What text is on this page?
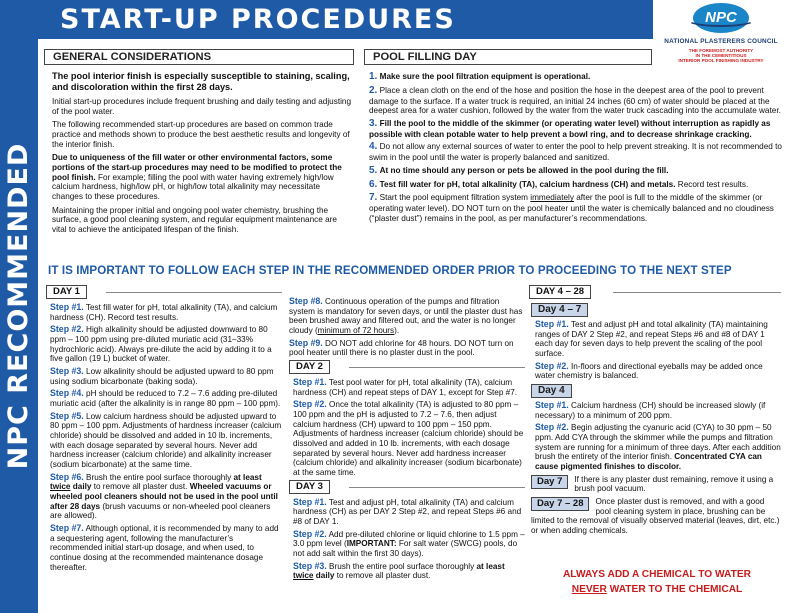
NPC RECOMMENDED
START-UP PROCEDURES	NPC
NATIONAL PLASTERERS COUNCIL
THE FOREMOST AUTHORITY
IN THE CEMENTITIOUS
INTERIOR POOL FINISHING INDUSTRY
GENERAL CONSIDERATIONS

The pool interior finish is especially susceptible to staining, scaling, and discoloration within the first 28 days.

Initial start-up procedures include frequent brushing and daily testing and adjusting of the pool water.

The following recommended start-up procedures are based on common trade practice and methods shown to produce the best aesthetic results and longevity of the interior finish.

Due to uniqueness of the fill water or other environmental factors, some portions of the start-up procedures may need to be modified to protect the pool finish. For example; filling the pool with water having extremely high/low calcium hardness, high/low pH, or high/low total alkalinity may necessitate changes to these procedures.

Maintaining the proper initial and ongoing pool water chemistry, brushing the surface, a good pool cleaning system, and regular equipment maintenance are vital to achieve the anticipated lifespan of the finish.

POOL FILLING DAY
1. Make sure the pool filtration equipment is operational.
2. Place a clean cloth on the end of the hose and position the hose in the deepest area of the pool to prevent damage to the surface. If a water truck is required, an initial 24 inches (60 cm) of water should be placed at the deepest area for a water cushion, followed by the water from the water truck cascading into the accumulate water.
3. Fill the pool to the middle of the skimmer (or operating water level) without interruption as rapidly as possible with clean potable water to help prevent a bowl ring, and to decrease shrinkage cracking.
4. Do not allow any external sources of water to enter the pool to help prevent streaking. It is not recommended to swim in the pool until the water is properly balanced and sanitized.
5. At no time should any person or pets be allowed in the pool during the fill.
6. Test fill water for pH, total alkalinity (TA), calcium hardness (CH) and metals. Record test results.
7. Start the pool equipment filtration system immediately after the pool is full to the middle of the skimmer (or operating water level). DO NOT turn on the pool heater until the water is chemically balanced and no cloudiness (“plaster dust”) remains in the pool, as per manufacturer’s recommendations.
IT IS IMPORTANT TO FOLLOW EACH STEP IN THE RECOMMENDED ORDER PRIOR TO PROCEEDING TO THE NEXT STEP
DAY 1
Step #1. Test fill water for pH, total alkalinity (TA), and calcium hardness (CH). Record test results.
Step #2. High alkalinity should be adjusted downward to 80 ppm – 100 ppm using pre-diluted muriatic acid (31–33% hydrochloric acid). Always pre-dilute the acid by adding it to a five gallon (19 L) bucket of water.
Step #3. Low alkalinity should be adjusted upward to 80 ppm using sodium bicarbonate (baking soda).
Step #4. pH should be reduced to 7.2 – 7.6 adding pre-diluted muriatic acid (after the alkalinity is in range 80 ppm – 100 ppm).
Step #5. Low calcium hardness should be adjusted upward to 80 ppm – 100 ppm. Adjustments of hardness increaser (calcium chloride) should be dissolved and added in 10 lb. increments, with each dosage separated by several hours. Never add hardness increaser (calcium chloride) and alkalinity increaser (sodium bicarbonate) at the same time.
Step #6. Brush the entire pool surface thoroughly at least twice daily to remove all plaster dust. Wheeled vacuums or wheeled pool cleaners should not be used in the pool until after 28 days (brush vacuums or non-wheeled pool cleaners are allowed).
Step #7. Although optional, it is recommended by many to add a sequestering agent, following the manufacturer’s recommended initial start-up dosage, and when used, to continue dosing at the recommended maintenance dosage thereafter.
Step #8. Continuous operation of the pumps and filtration system is mandatory for seven days, or until the plaster dust has been brushed away and filtered out, and the water is no longer cloudy (minimum of 72 hours).
Step #9. DO NOT add chlorine for 48 hours. DO NOT turn on pool heater until there is no plaster dust in the pool.
DAY 2
Step #1. Test pool water for pH, total alkalinity (TA), calcium hardness (CH) and repeat steps of DAY 1, except for Step #7.
Step #2. Once the total alkalinity (TA) is adjusted to 80 ppm – 100 ppm and the pH is adjusted to 7.2 – 7.6, then adjust calcium hardness (CH) upward to 100 ppm – 150 ppm. Adjustments of hardness increaser (calcium chloride) should be dissolved and added in 10 lb. increments, with each dosage separated by several hours. Never add hardness increaser (calcium chloride) and alkalinity increaser (sodium bicarbonate) at the same time.
DAY 3
Step #1. Test and adjust pH, total alkalinity (TA) and calcium hardness (CH) as per DAY 2 Step #2, and repeat Steps #6 and #8 of DAY 1.
Step #2. Add pre-diluted chlorine or liquid chlorine to 1.5 ppm – 3.0 ppm level (IMPORTANT: For salt water (SWCG) pools, do not add salt within the first 30 days).
Step #3. Brush the entire pool surface thoroughly at least twice daily to remove all plaster dust.
DAY 4 – 28
Day 4 – 7
Step #1. Test and adjust pH and total alkalinity (TA) maintaining ranges of DAY 2 Step #2, and repeat Steps #6 and #8 of DAY 1 each day for seven days to help prevent the scaling of the pool surface.
Step #2. In-floors and directional eyeballs may be added once water chemistry is balanced.
Day 4
Step #1. Calcium hardness (CH) should be increased slowly (if necessary) to a minimum of 200 ppm.
Step #2. Begin adjusting the cyanuric acid (CYA) to 30 ppm – 50 ppm. Add CYA through the skimmer while the pumps and filtration system are running for a minimum of three days. After each addition brush the entirety of the interior finish. Concentrated CYA can cause pigmented finishes to discolor.
Day 7	If there is any plaster dust remaining, remove it using a brush pool vacuum.
Day 7 – 28	Once plaster dust is removed, and with a good pool cleaning system in place, brushing can be limited to the removal of visually observed material (leaves, dirt, etc.) or when adding chemicals.
ALWAYS ADD A CHEMICAL TO WATER
NEVER WATER TO THE CHEMICAL
